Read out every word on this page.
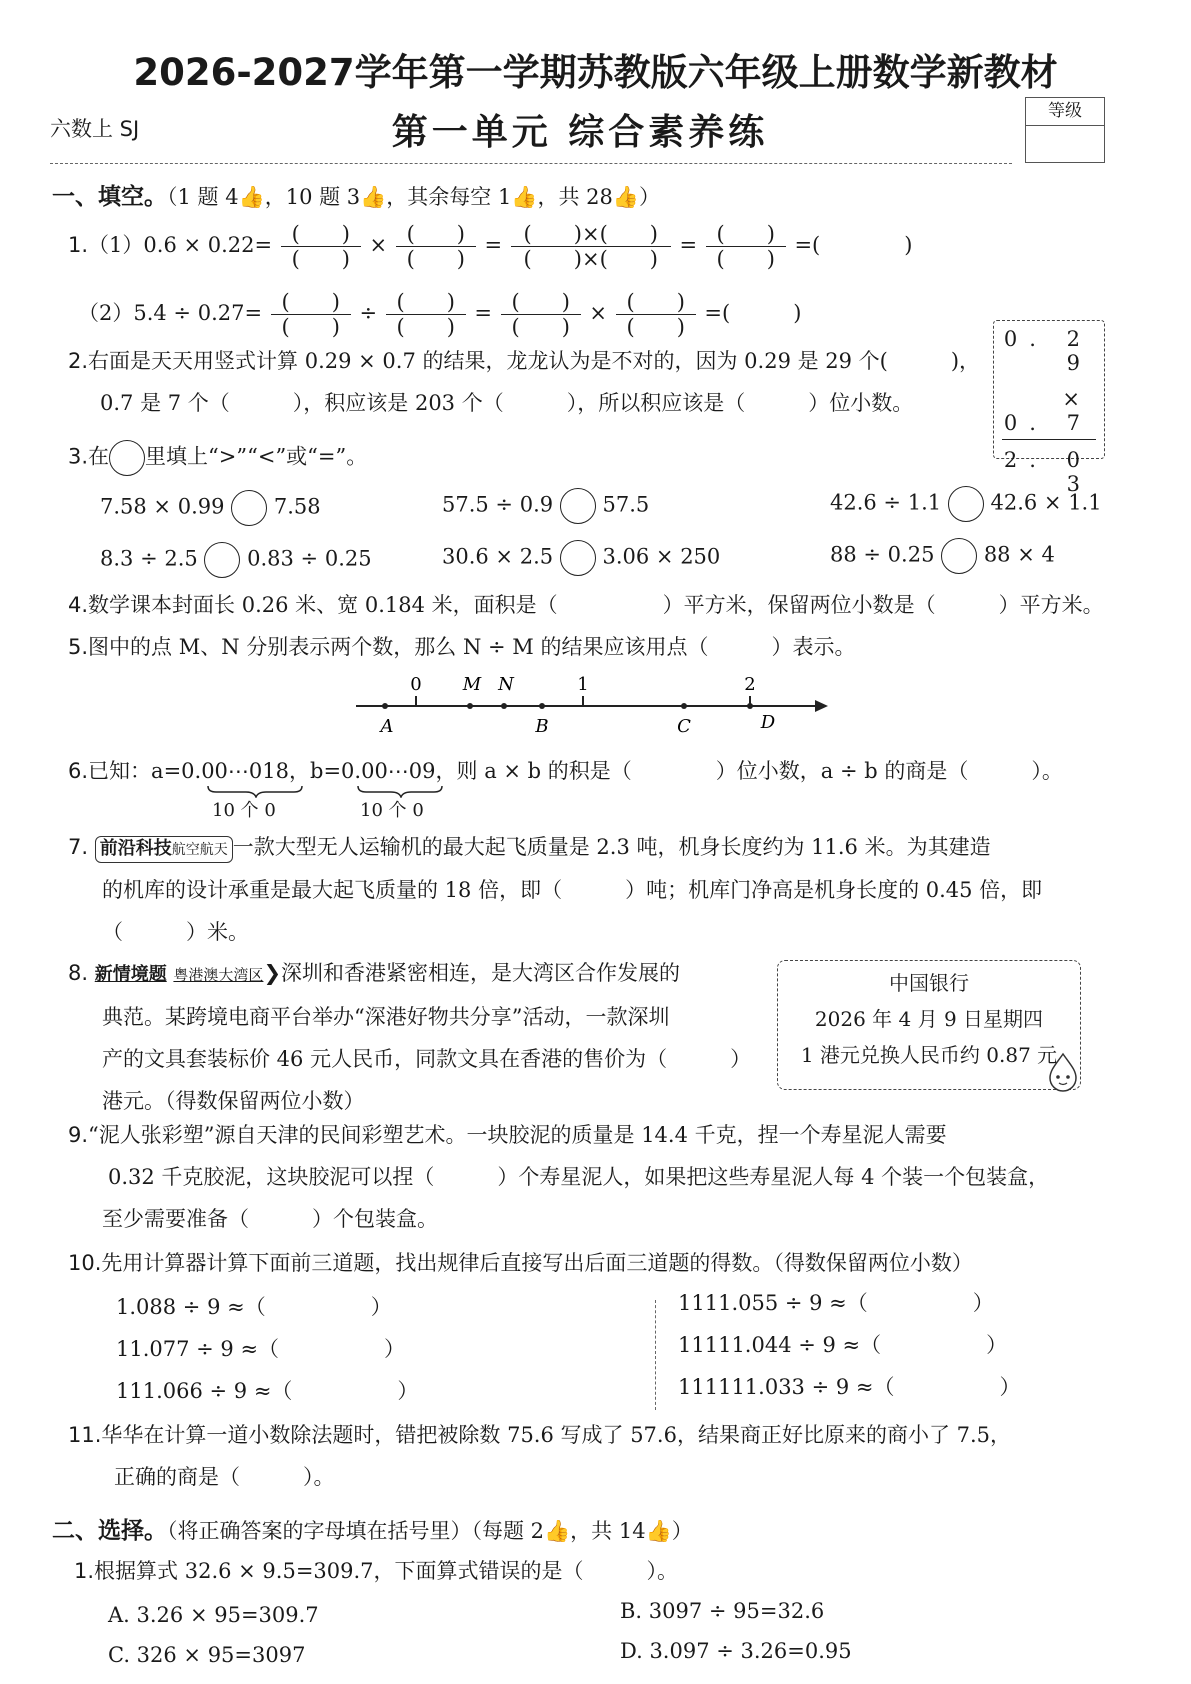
2026-2027学年第一学期苏教版六年级上册数学新教材
六数上 SJ	第一单元 综合素养练	等级
一、填空。（1 题 4👍，10 题 3👍，其余每空 1👍，共 28👍）
$1.(1)0.6 \times 0.22= \frac{( )}{( )} \times \frac{( )}{( )} = \frac{( )\times( )}{( )\times( )} = \frac{( )}{( )}$ =(　　　　	)
$(2)5.4 \div 0.27= \frac{( )}{( )} \div \frac{( )}{( )} = \frac{( )}{( )} \times \frac{( )}{( )}$ =(　　　	)
2.右面是天天用竖式计算 0.29 × 0.7 的结果，龙龙认为是不对的，因为 0.29 是 29 个(　　　)，
0.7 是 7 个（　　　），积应该是 203 个（　　　），所以积应该是（　　　）位小数。
0. 2 9
× 0. 7
2. 0 3
3.在 里填上“>”“<”或“=”。
7.58 × 0.99 7.58	57.5 ÷ 0.9 57.5	42.6 ÷ 1.1 42.6 × 1.1
8.3 ÷ 2.5 0.83 ÷ 0.25	30.6 × 2.5 3.06 × 250	88 ÷ 0.25 88 × 4
4.数学课本封面长 0.26 米、宽 0.184 米，面积是（　　　　　）平方米，保留两位小数是（　　　）平方米。
5.图中的点 M、N 分别表示两个数，那么 N ÷ M 的结果应该用点（　　　）表示。
0 M N	1	2
A	B	C	D
6.已知：a=0.00⋯018，b=0.00⋯09，则 a × b 的积是（　　　　）位小数，a ÷ b 的商是（　　　）。
10 个 0	10 个 0
7. 前沿科技航空航天 一款大型无人运输机的最大起飞质量是 2.3 吨，机身长度约为 11.6 米。为其建造
的机库的设计承重是最大起飞质量的 18 倍，即（　　　）吨；机库门净高是机身长度的 0.45 倍，即
（　　　）米。
8. 新情境题 粤港澳大湾区❯深圳和香港紧密相连，是大湾区合作发展的
典范。某跨境电商平台举办“深港好物共分享”活动，一款深圳
产的文具套装标价 46 元人民币，同款文具在香港的售价为（　　　）
港元。（得数保留两位小数）
中国银行
2026 年 4 月 9 日星期四
1 港元兑换人民币约 0.87 元
9.“泥人张彩塑”源自天津的民间彩塑艺术。一块胶泥的质量是 14.4 千克，捏一个寿星泥人需要
0.32 千克胶泥，这块胶泥可以捏（　　　）个寿星泥人，如果把这些寿星泥人每 4 个装一个包装盒，
至少需要准备（　　　）个包装盒。
10.先用计算器计算下面前三道题，找出规律后直接写出后面三道题的得数。（得数保留两位小数）
1.088 ÷ 9 ≈（　　　　　）
11.077 ÷ 9 ≈（　　　　　）
111.066 ÷ 9 ≈（　　　　　）
1111.055 ÷ 9 ≈（　　　　　）
11111.044 ÷ 9 ≈（　　　　　）
111111.033 ÷ 9 ≈（　　　　　）
11.华华在计算一道小数除法题时，错把被除数 75.6 写成了 57.6，结果商正好比原来的商小了 7.5，
正确的商是（　　　）。
二、选择。（将正确答案的字母填在括号里）（每题 2👍，共 14👍）
1.根据算式 32.6 × 9.5=309.7，下面算式错误的是（　　　）。
A. 3.26 × 95=309.7	B. 3097 ÷ 95=32.6
C. 326 × 95=3097	D. 3.097 ÷ 3.26=0.95
